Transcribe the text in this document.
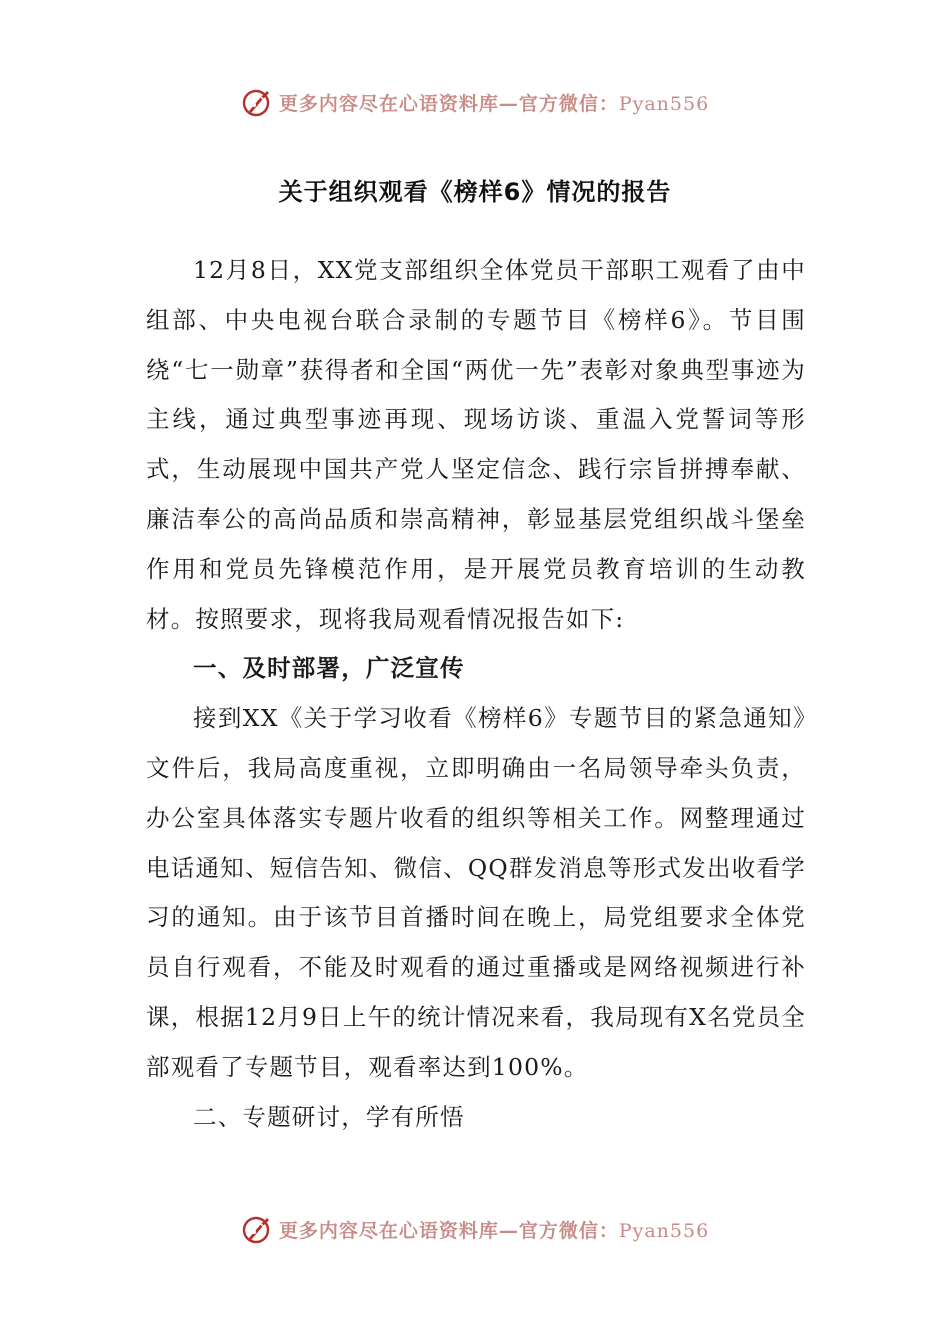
更多内容尽在心语资料库—官方微信：Pyan556
关于组织观看《榜样6》情况的报告

12月8日，XX党支部组织全体党员干部职工观看了由中组部、中央电视台联合录制的专题节目《榜样6》。节目围绕“七一勋章”获得者和全国“两优一先”表彰对象典型事迹为主线，通过典型事迹再现、现场访谈、重温入党誓词等形式，生动展现中国共产党人坚定信念、践行宗旨拼搏奉献、廉洁奉公的高尚品质和崇高精神，彰显基层党组织战斗堡垒作用和党员先锋模范作用，是开展党员教育培训的生动教材。按照要求，现将我局观看情况报告如下:

一、及时部署，广泛宣传

接到XX《关于学习收看《榜样6》专题节目的紧急通知》文件后，我局高度重视，立即明确由一名局领导牵头负责，办公室具体落实专题片收看的组织等相关工作。网整理通过电话通知、短信告知、微信、QQ群发消息等形式发出收看学习的通知。由于该节目首播时间在晚上，局党组要求全体党员自行观看，不能及时观看的通过重播或是网络视频进行补课，根据12月9日上午的统计情况来看，我局现有X名党员全部观看了专题节目，观看率达到100%。

二、专题研讨，学有所悟

更多内容尽在心语资料库—官方微信：Pyan556
